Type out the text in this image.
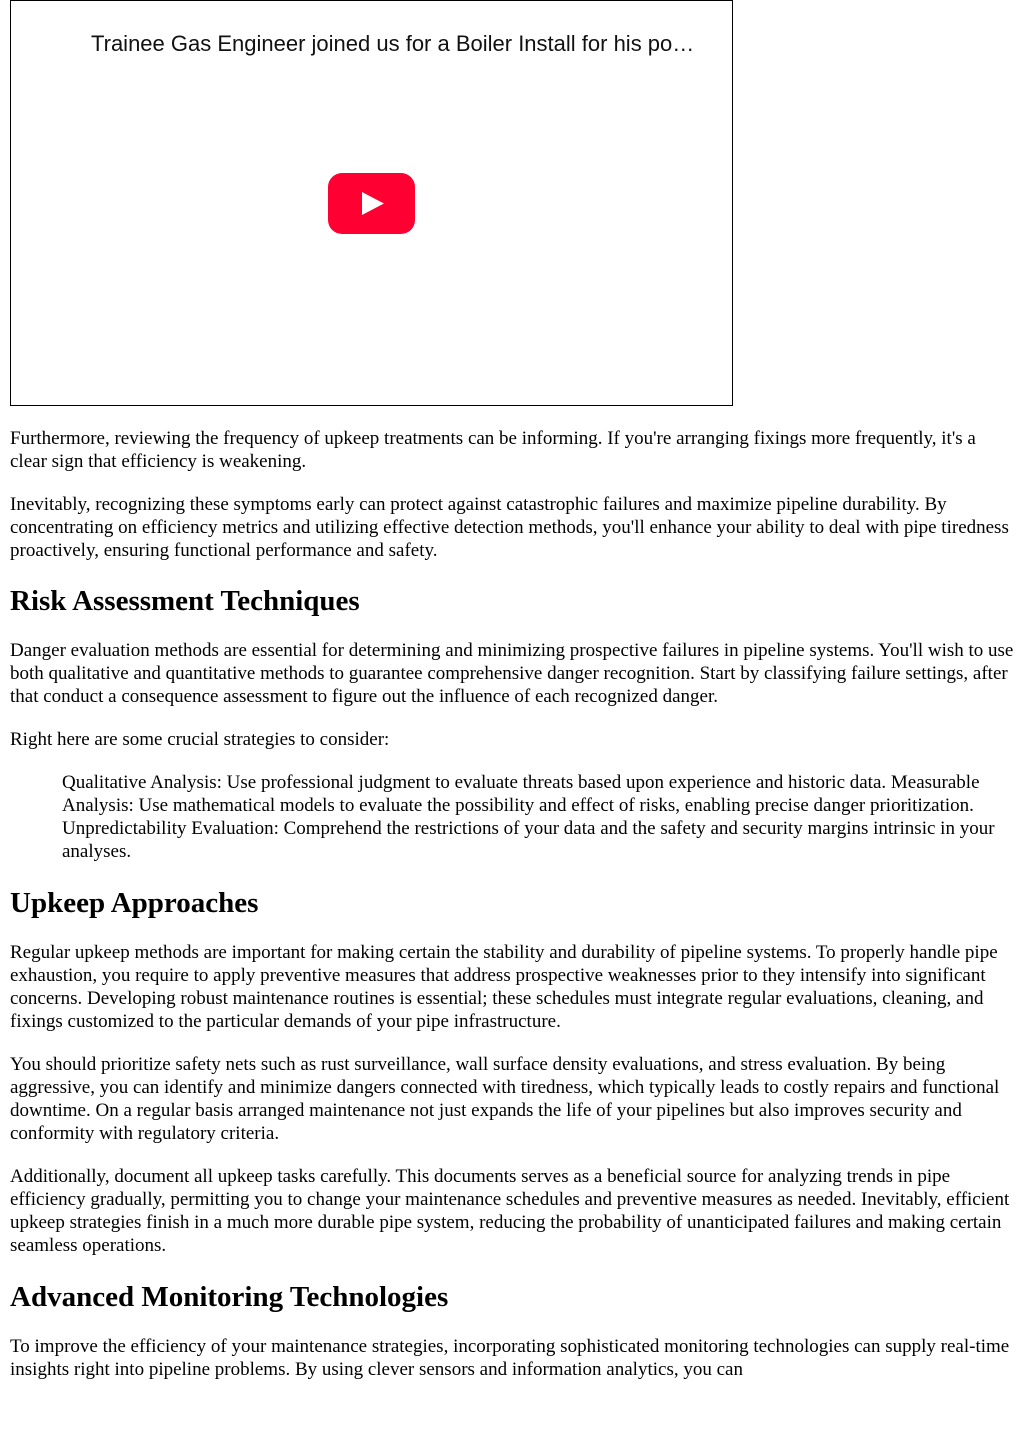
Trainee Gas Engineer joined us for a Boiler Install for his po…

Furthermore, reviewing the frequency of upkeep treatments can be informing. If you're arranging fixings more frequently, it's a clear sign that efficiency is weakening.

Inevitably, recognizing these symptoms early can protect against catastrophic failures and maximize pipeline durability. By concentrating on efficiency metrics and utilizing effective detection methods, you'll enhance your ability to deal with pipe tiredness proactively, ensuring functional performance and safety.

Risk Assessment Techniques

Danger evaluation methods are essential for determining and minimizing prospective failures in pipeline systems. You'll wish to use both qualitative and quantitative methods to guarantee comprehensive danger recognition. Start by classifying failure settings, after that conduct a consequence assessment to figure out the influence of each recognized danger.

Right here are some crucial strategies to consider:

Qualitative Analysis: Use professional judgment to evaluate threats based upon experience and historic data. Measurable Analysis: Use mathematical models to evaluate the possibility and effect of risks, enabling precise danger prioritization. Unpredictability Evaluation: Comprehend the restrictions of your data and the safety and security margins intrinsic in your analyses.
Upkeep Approaches

Regular upkeep methods are important for making certain the stability and durability of pipeline systems. To properly handle pipe exhaustion, you require to apply preventive measures that address prospective weaknesses prior to they intensify into significant concerns. Developing robust maintenance routines is essential; these schedules must integrate regular evaluations, cleaning, and fixings customized to the particular demands of your pipe infrastructure.

You should prioritize safety nets such as rust surveillance, wall surface density evaluations, and stress evaluation. By being aggressive, you can identify and minimize dangers connected with tiredness, which typically leads to costly repairs and functional downtime. On a regular basis arranged maintenance not just expands the life of your pipelines but also improves security and conformity with regulatory criteria.

Additionally, document all upkeep tasks carefully. This documents serves as a beneficial source for analyzing trends in pipe efficiency gradually, permitting you to change your maintenance schedules and preventive measures as needed. Inevitably, efficient upkeep strategies finish in a much more durable pipe system, reducing the probability of unanticipated failures and making certain seamless operations.

Advanced Monitoring Technologies

To improve the efficiency of your maintenance strategies, incorporating sophisticated monitoring technologies can supply real-time insights right into pipeline problems. By using clever sensors and information analytics, you can
